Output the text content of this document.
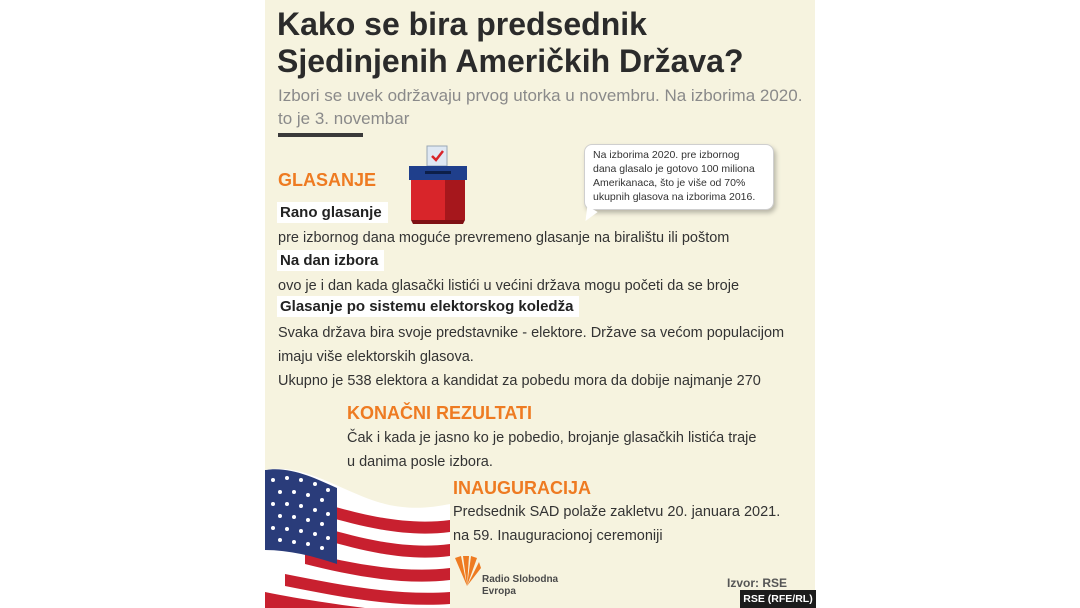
Kako se bira predsednik Sjedinjenih Američkih Država?
Izbori se uvek održavaju prvog utorka u novembru. Na izborima 2020. to je 3. novembar
GLASANJE
Na izborima 2020. pre izbornog dana glasalo je gotovo 100 miliona Amerikanaca, što je više od 70% ukupnih glasova na izborima 2016.
Rano glasanje
pre izbornog dana moguće prevremeno glasanje na biralištu ili poštom
Na dan izbora
ovo je i dan kada glasački listići u većini država mogu početi da se broje
Glasanje po sistemu elektorskog koledža
Svaka država bira svoje predstavnike - elektore. Države sa većom populacijom imaju više elektorskih glasova.
Ukupno je 538 elektora a kandidat za pobedu mora da dobije najmanje 270
KONAČNI REZULTATI
Čak i kada je jasno ko je pobedio, brojanje glasačkih listića traje u danima posle izbora.
INAUGURACIJA
Predsednik SAD polaže zakletvu 20. januara 2021.
na 59. Inauguracionoj ceremoniji
Radio Slobodna
Evropa
Izvor: RSE
RSE (RFE/RL)
